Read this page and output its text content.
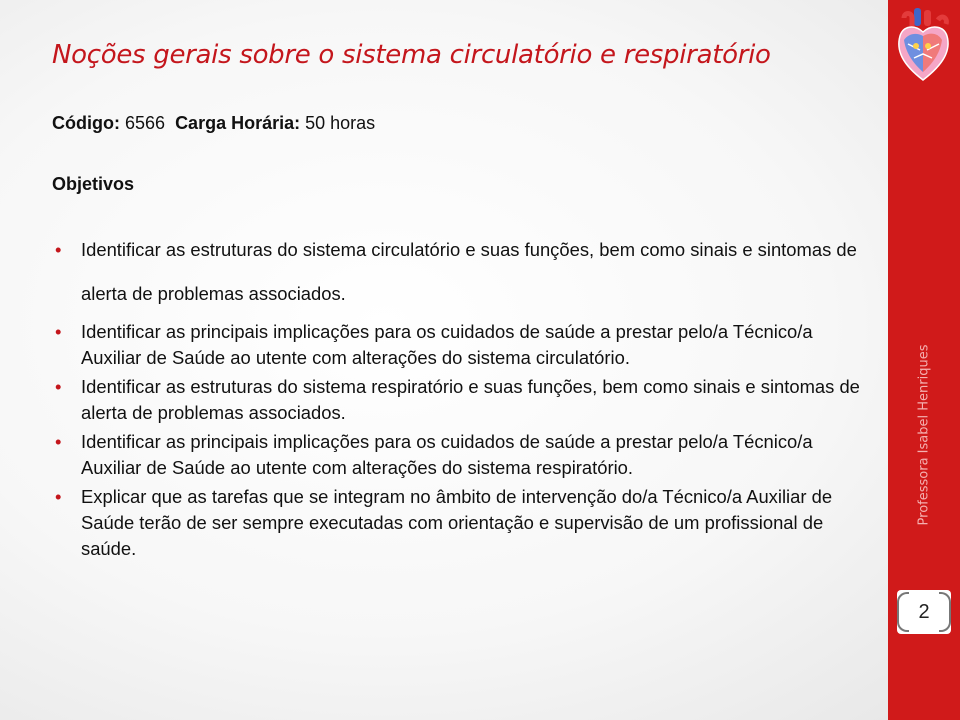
Noções gerais sobre o sistema circulatório e respiratório
Código: 6566 Carga Horária: 50 horas
Objetivos
• Identificar as estruturas do sistema circulatório e suas funções, bem como sinais e sintomas de alerta de problemas associados.
• Identificar as principais implicações para os cuidados de saúde a prestar pelo/a Técnico/a Auxiliar de Saúde ao utente com alterações do sistema circulatório.
• Identificar as estruturas do sistema respiratório e suas funções, bem como sinais e sintomas de alerta de problemas associados.
• Identificar as principais implicações para os cuidados de saúde a prestar pelo/a Técnico/a Auxiliar de Saúde ao utente com alterações do sistema respiratório.
• Explicar que as tarefas que se integram no âmbito de intervenção do/a Técnico/a Auxiliar de Saúde terão de ser sempre executadas com orientação e supervisão de um profissional de saúde.
Professora Isabel Henriques
2
